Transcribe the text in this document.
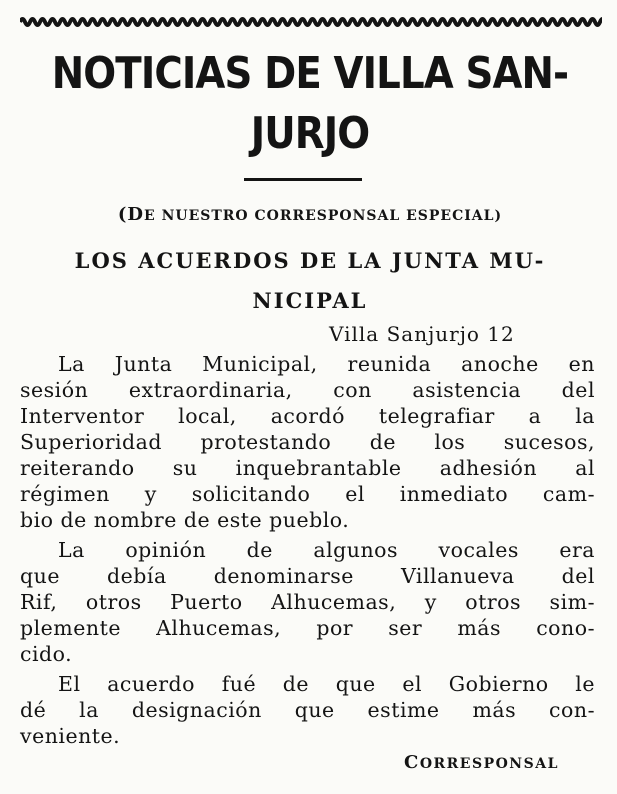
NOTICIAS DE VILLA SAN-
JURJO
(DE NUESTRO CORRESPONSAL ESPECIAL)
LOS ACUERDOS DE LA JUNTA MU-
NICIPAL
Villa Sanjurjo 12
La Junta Municipal, reunida anoche en
sesión extraordinaria, con asistencia del
Interventor local, acordó telegrafiar a la
Superioridad protestando de los sucesos,
reiterando su inquebrantable adhesión al
régimen y solicitando el inmediato cam-
bio de nombre de este pueblo.
La opinión de algunos vocales era
que debía denominarse Villanueva del
Rif, otros Puerto Alhucemas, y otros sim-
plemente Alhucemas, por ser más cono-
cido.
El acuerdo fué de que el Gobierno le
dé la designación que estime más con-
veniente.
CORRESPONSAL
